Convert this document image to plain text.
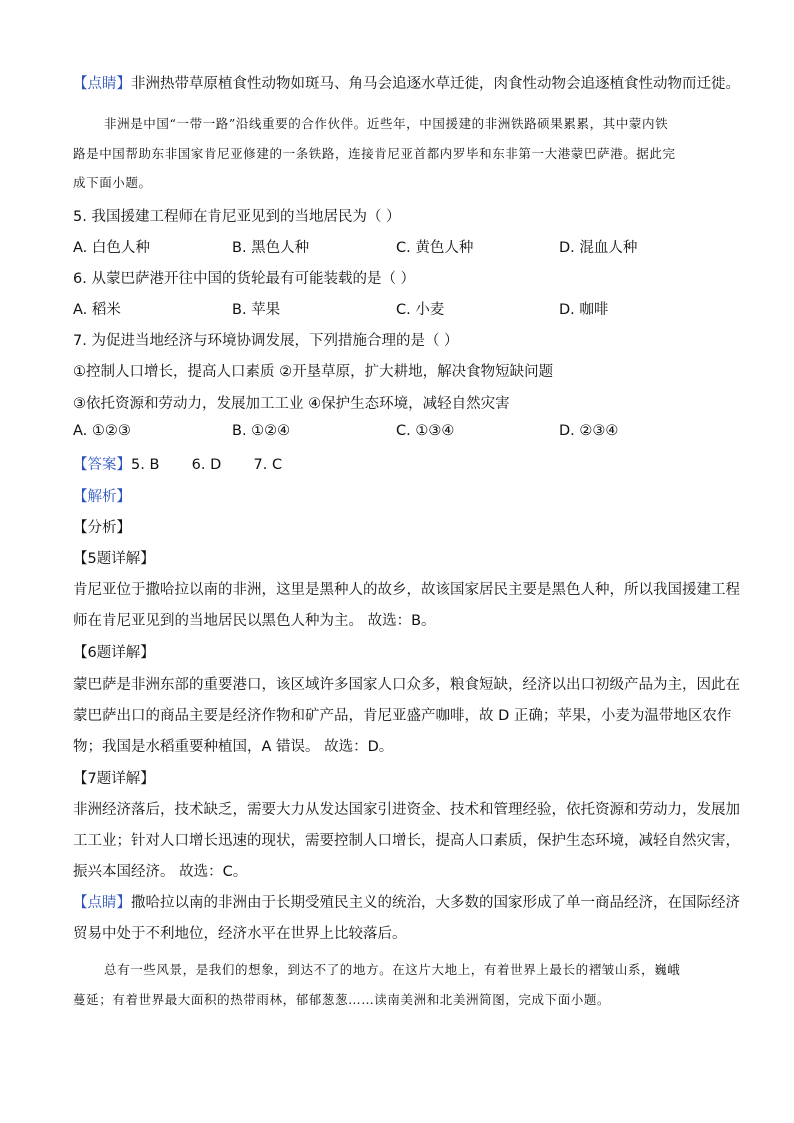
【点睛】非洲热带草原植食性动物如斑马、角马会追逐水草迁徙，肉食性动物会追逐植食性动物而迁徙。
非洲是中国“一带一路”沿线重要的合作伙伴。近些年，中国援建的非洲铁路硕果累累，其中蒙内铁
路是中国帮助东非国家肯尼亚修建的一条铁路，连接肯尼亚首都内罗毕和东非第一大港蒙巴萨港。据此完
成下面小题。
5. 我国援建工程师在肯尼亚见到的当地居民为（ ）
A. 白色人种	B. 黑色人种	C. 黄色人种	D. 混血人种
6. 从蒙巴萨港开往中国的货轮最有可能装载的是（ ）
A. 稻米	B. 苹果	C. 小麦	D. 咖啡
7. 为促进当地经济与环境协调发展，下列措施合理的是（ ）
①控制人口增长，提高人口素质 ②开垦草原，扩大耕地，解决食物短缺问题
③依托资源和劳动力，发展加工工业 ④保护生态环境，减轻自然灾害
A. ①②③	B. ①②④	C. ①③④	D. ②③④
【答案】5. B       6. D       7. C
【解析】
【分析】
【5题详解】
肯尼亚位于撒哈拉以南的非洲，这里是黑种人的故乡，故该国家居民主要是黑色人种，所以我国援建工程
师在肯尼亚见到的当地居民以黑色人种为主。 故选：B。
【6题详解】
蒙巴萨是非洲东部的重要港口，该区域许多国家人口众多，粮食短缺，经济以出口初级产品为主，因此在
蒙巴萨出口的商品主要是经济作物和矿产品，肯尼亚盛产咖啡，故 D 正确；苹果，小麦为温带地区农作
物；我国是水稻重要种植国，A 错误。 故选：D。
【7题详解】
非洲经济落后，技术缺乏，需要大力从发达国家引进资金、技术和管理经验，依托资源和劳动力，发展加
工工业；针对人口增长迅速的现状，需要控制人口增长，提高人口素质，保护生态环境，减轻自然灾害，
振兴本国经济。 故选：C。
【点睛】撒哈拉以南的非洲由于长期受殖民主义的统治，大多数的国家形成了单一商品经济，在国际经济
贸易中处于不利地位，经济水平在世界上比较落后。
总有一些风景，是我们的想象，到达不了的地方。在这片大地上，有着世界上最长的褶皱山系，巍峨
蔓延；有着世界最大面积的热带雨林，郁郁葱葱……读南美洲和北美洲简图，完成下面小题。
